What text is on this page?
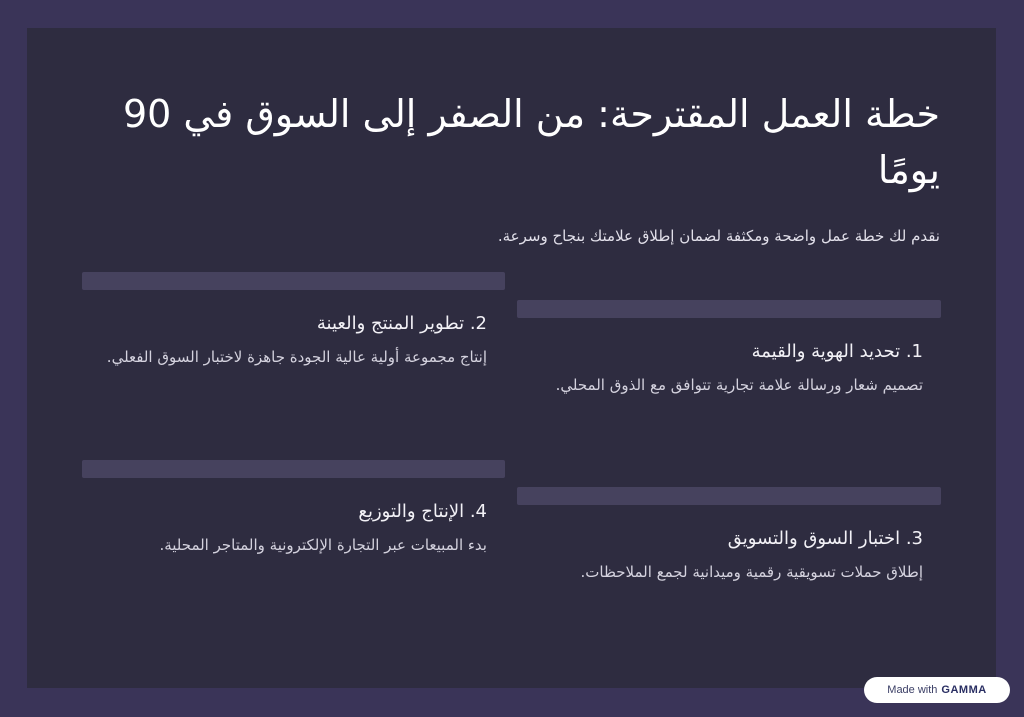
خطة العمل المقترحة: من الصفر إلى السوق في 90 يومًا

نقدم لك خطة عمل واضحة ومكثفة لضمان إطلاق علامتك بنجاح وسرعة.

1. تحديد الهوية والقيمة
تصميم شعار ورسالة علامة تجارية تتوافق مع الذوق المحلي.
2. تطوير المنتج والعينة
إنتاج مجموعة أولية عالية الجودة جاهزة لاختبار السوق الفعلي.
3. اختبار السوق والتسويق
إطلاق حملات تسويقية رقمية وميدانية لجمع الملاحظات.
4. الإنتاج والتوزيع
بدء المبيعات عبر التجارة الإلكترونية والمتاجر المحلية.
Made with GAMMA
